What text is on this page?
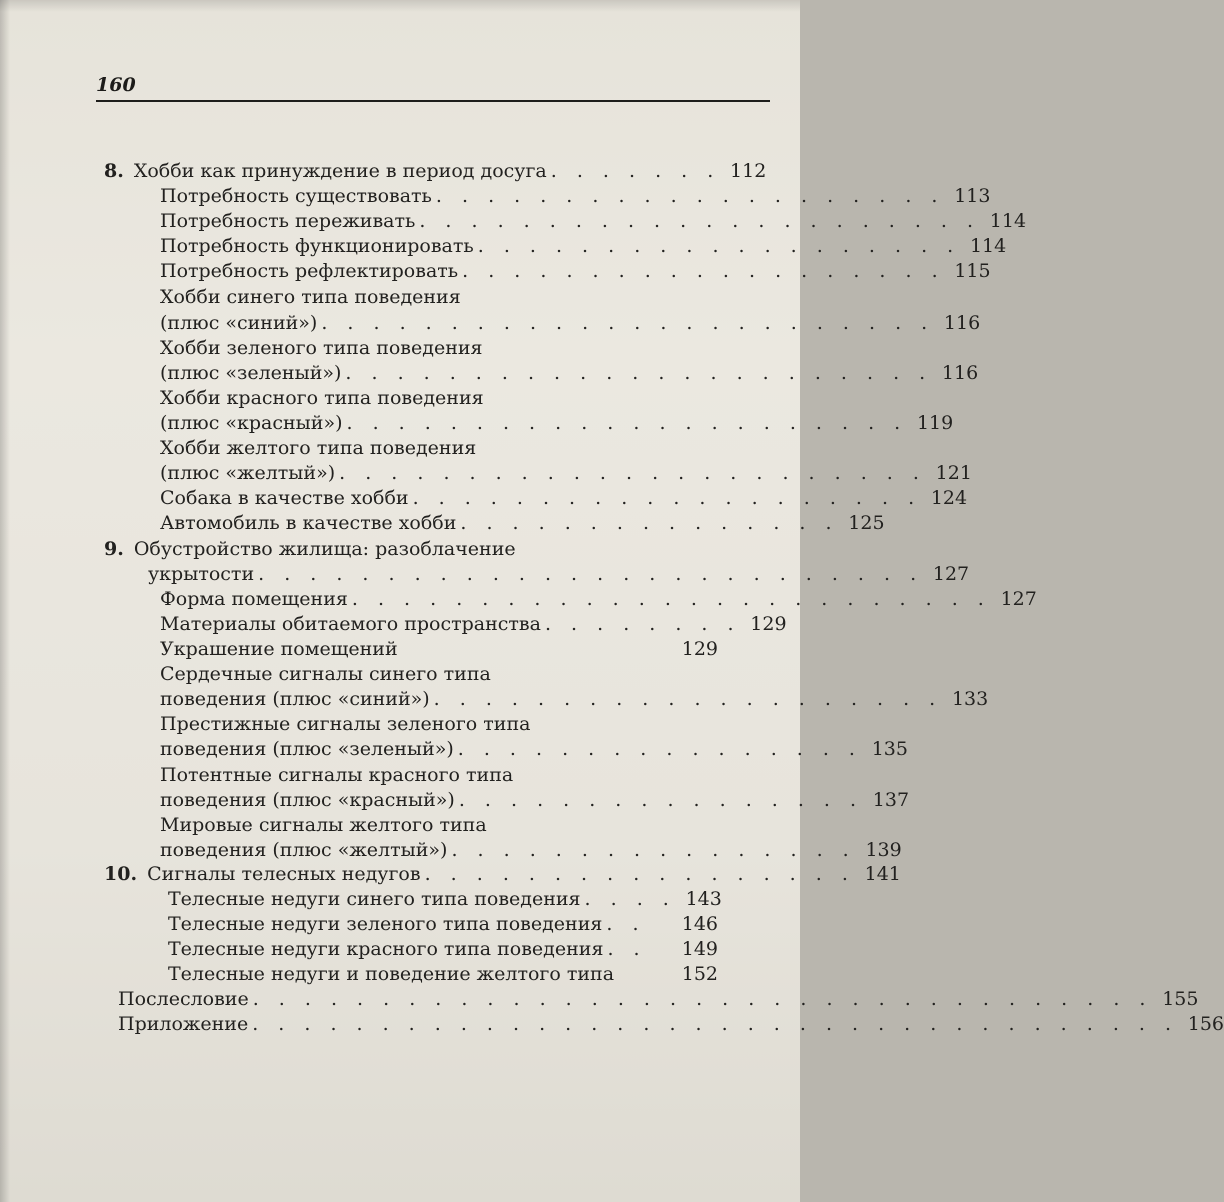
160
8. Хобби как принуждение в период досуга . . . . . . . 112
Потребность существовать . . . . . . . . . . . . . . . . . . . . 113
Потребность переживать . . . . . . . . . . . . . . . . . . . . . . 114
Потребность функционировать . . . . . . . . . . . . . . . . . . . 114
Потребность рефлектировать . . . . . . . . . . . . . . . . . . . 115
Хобби синего типа поведения
(плюс «синий») . . . . . . . . . . . . . . . . . . . . . . . . 116
Хобби зеленого типа поведения
(плюс «зеленый») . . . . . . . . . . . . . . . . . . . . . . . 116
Хобби красного типа поведения
(плюс «красный») . . . . . . . . . . . . . . . . . . . . . . 119
Хобби желтого типа поведения
(плюс «желтый») . . . . . . . . . . . . . . . . . . . . . . . 121
Собака в качестве хобби . . . . . . . . . . . . . . . . . . . . 124
Автомобиль в качестве хобби . . . . . . . . . . . . . . . 125
9. Обустройство жилища: разоблачение
укрытости . . . . . . . . . . . . . . . . . . . . . . . . . . 127
Форма помещения . . . . . . . . . . . . . . . . . . . . . . . . . 127
Материалы обитаемого пространства . . . . . . . . 129
Украшение помещений	129
Сердечные сигналы синего типа
поведения (плюс «синий») . . . . . . . . . . . . . . . . . . . . 133
Престижные сигналы зеленого типа
поведения (плюс «зеленый») . . . . . . . . . . . . . . . . 135
Потентные сигналы красного типа
поведения (плюс «красный») . . . . . . . . . . . . . . . . 137
Мировые сигналы желтого типа
поведения (плюс «желтый») . . . . . . . . . . . . . . . . 139
10. Сигналы телесных недугов . . . . . . . . . . . . . . . . . 141
Телесные недуги синего типа поведения . . . . 143
Телесные недуги зеленого типа поведения . .	146
Телесные недуги красного типа поведения . .	149
Телесные недуги и поведение желтого типа	152
Послесловие . . . . . . . . . . . . . . . . . . . . . . . . . . . . . . . . . . . 155
Приложение . . . . . . . . . . . . . . . . . . . . . . . . . . . . . . . . . . . . 156
